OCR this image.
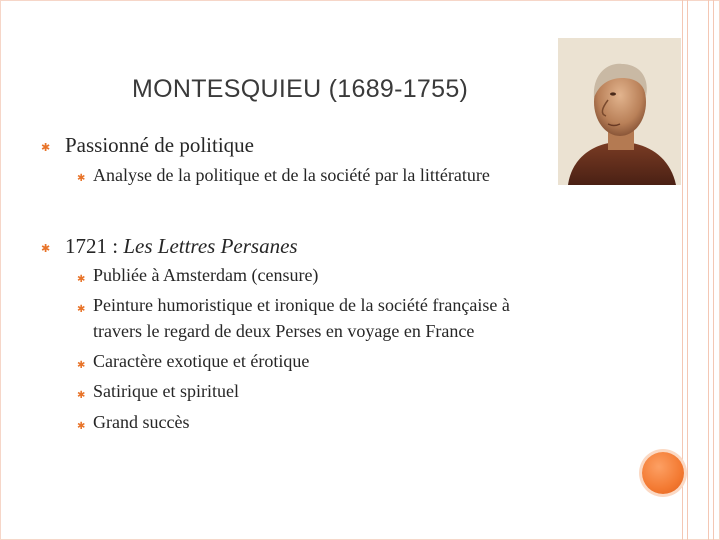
MONTESQUIEU (1689-1755)
✱ Passionné de politique
✱ Analyse de la politique et de la société par la littérature
✱ 1721 : Les Lettres Persanes
✱ Publiée à Amsterdam (censure)
✱ Peinture humoristique et ironique de la société française à
travers le regard de deux Perses en voyage en France
✱ Caractère exotique et érotique
✱ Satirique et spirituel
✱ Grand succès
